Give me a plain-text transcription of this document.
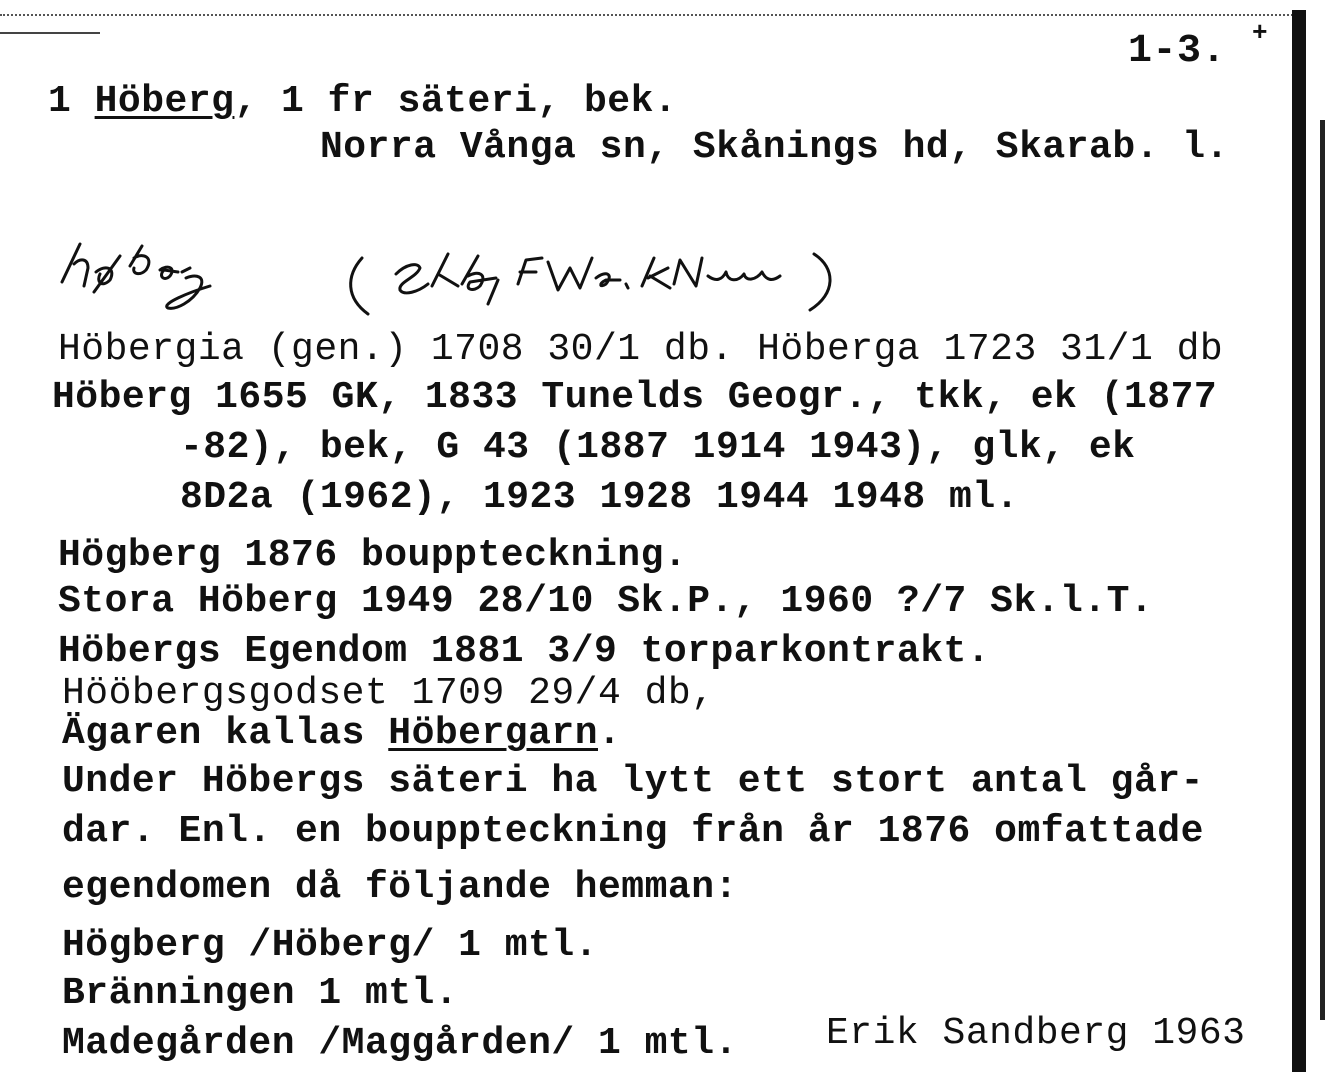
1-3. +
1 Höberg, 1 fr säteri, bek.
Norra Vånga sn, Skånings hd, Skarab. l.
Höbergia (gen.) 1708 30/1 db. Höberga 1723 31/1 db
Höberg 1655 GK, 1833 Tunelds Geogr., tkk, ek (1877
-82), bek, G 43 (1887 1914 1943), glk, ek
8D2a (1962), 1923 1928 1944 1948 ml.
Högberg 1876 bouppteckning.
Stora Höberg 1949 28/10 Sk.P., 1960 ?/7 Sk.l.T.
Höbergs Egendom 1881 3/9 torparkontrakt.
Hööbergsgodset 1709 29/4 db,
Ägaren kallas Höbergarn.
Under Höbergs säteri ha lytt ett stort antal går-
dar. Enl. en bouppteckning från år 1876 omfattade
egendomen då följande hemman:
Högberg /Höberg/ 1 mtl.
Bränningen 1 mtl.
Madegården /Maggården/ 1 mtl. Erik Sandberg 1963
